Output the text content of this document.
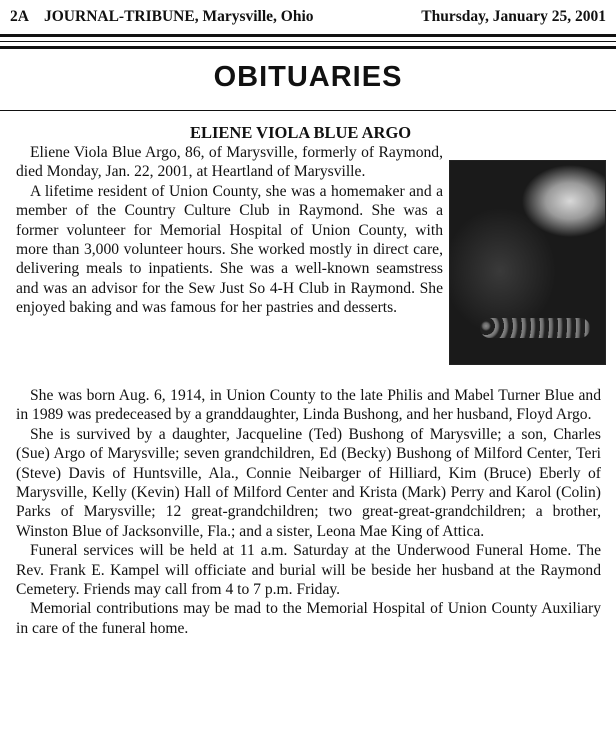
2A JOURNAL-TRIBUNE, Marysville, Ohio	Thursday, January 25, 2001
OBITUARIES
ELIENE VIOLA BLUE ARGO

Eliene Viola Blue Argo, 86, of Marysville, formerly of Raymond, died Monday, Jan. 22, 2001, at Heartland of Marysville.

A lifetime resident of Union County, she was a homemaker and a member of the Country Culture Club in Raymond. She was a former volunteer for Memorial Hospital of Union County, with more than 3,000 volunteer hours. She worked mostly in direct care, delivering meals to inpatients. She was a well-known seamstress and was an advisor for the Sew Just So 4-H Club in Raymond. She enjoyed baking and was famous for her pastries and desserts.

She was born Aug. 6, 1914, in Union County to the late Philis and Mabel Turner Blue and in 1989 was predeceased by a granddaughter, Linda Bushong, and her husband, Floyd Argo.

She is survived by a daughter, Jacqueline (Ted) Bushong of Marysville; a son, Charles (Sue) Argo of Marysville; seven grandchildren, Ed (Becky) Bushong of Milford Center, Teri (Steve) Davis of Huntsville, Ala., Connie Neibarger of Hilliard, Kim (Bruce) Eberly of Marysville, Kelly (Kevin) Hall of Milford Center and Krista (Mark) Perry and Karol (Colin) Parks of Marysville; 12 great-grandchildren; two great-great-grandchildren; a brother, Winston Blue of Jacksonville, Fla.; and a sister, Leona Mae King of Attica.

Funeral services will be held at 11 a.m. Saturday at the Underwood Funeral Home. The Rev. Frank E. Kampel will officiate and burial will be beside her husband at the Raymond Cemetery. Friends may call from 4 to 7 p.m. Friday.

Memorial contributions may be mad to the Memorial Hospital of Union County Auxiliary in care of the funeral home.
